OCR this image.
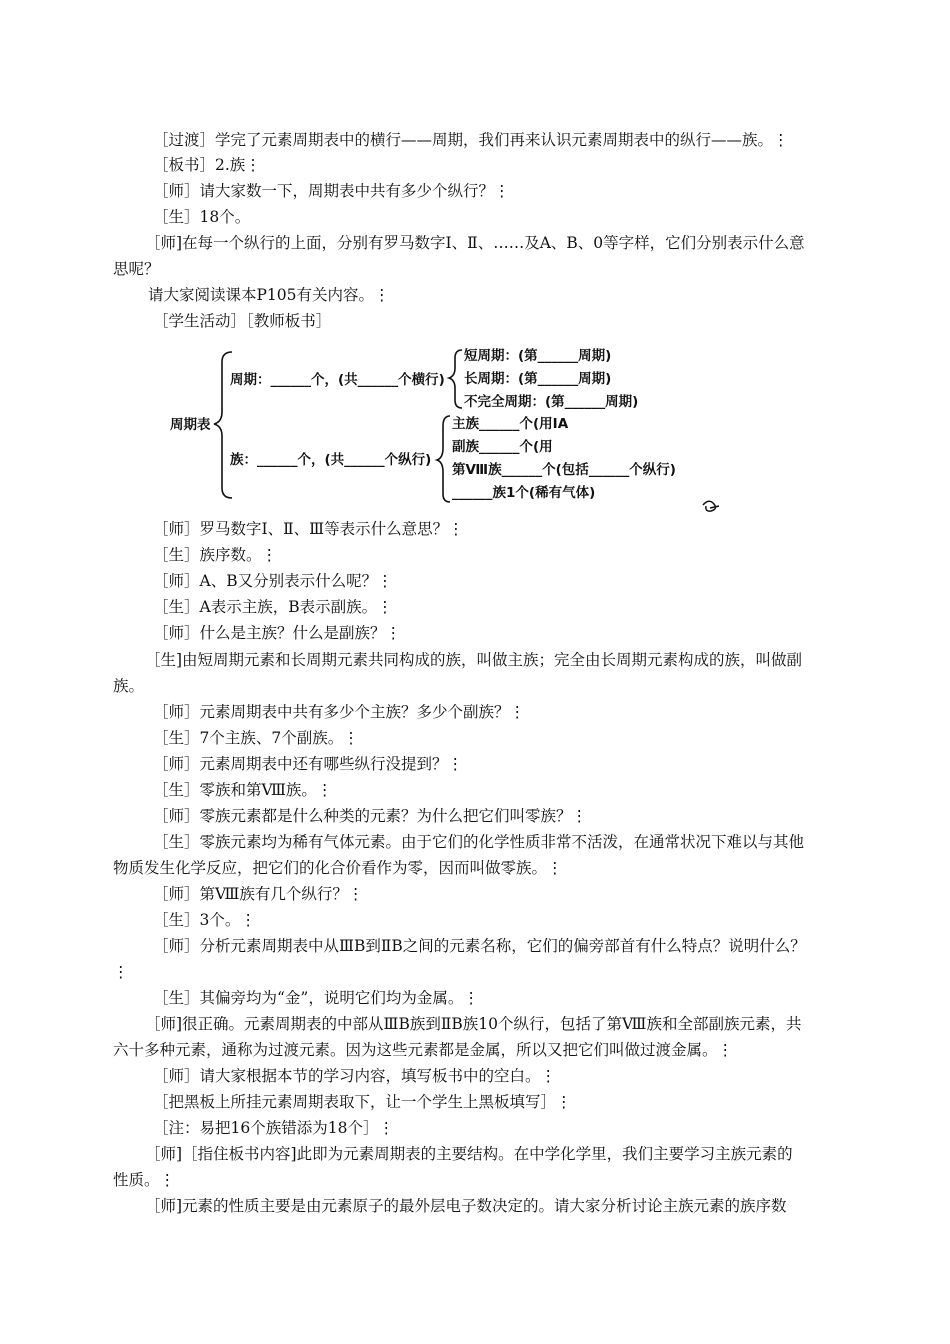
［过渡］学完了元素周期表中的横行——周期，我们再来认识元素周期表中的纵行——族。⋮
［板书］2.族⋮
［师］请大家数一下，周期表中共有多少个纵行？⋮
［生］18个。
［师]在每一个纵行的上面，分别有罗马数字Ⅰ、Ⅱ、……及A、B、0等字样，它们分别表示什么意
思呢？
请大家阅读课本P105有关内容。⋮
［学生活动］［教师板书］
［师］罗马数字Ⅰ、Ⅱ、Ⅲ等表示什么意思？⋮
［生］族序数。⋮
［师］A、B又分别表示什么呢？⋮
［生］A表示主族，B表示副族。⋮
［师］什么是主族？什么是副族？⋮
［生]由短周期元素和长周期元素共同构成的族，叫做主族；完全由长周期元素构成的族，叫做副
族。
［师］元素周期表中共有多少个主族？多少个副族？⋮
［生］7个主族、7个副族。⋮
［师］元素周期表中还有哪些纵行没提到？⋮
［生］零族和第Ⅷ族。⋮
［师］零族元素都是什么种类的元素？为什么把它们叫零族？⋮
［生］零族元素均为稀有气体元素。由于它们的化学性质非常不活泼，在通常状况下难以与其他
物质发生化学反应，把它们的化合价看作为零，因而叫做零族。⋮
［师］第Ⅷ族有几个纵行？⋮
［生］3个。⋮
［师］分析元素周期表中从ⅢB到ⅡB之间的元素名称，它们的偏旁部首有什么特点？说明什么？
⋮
［生］其偏旁均为“金”，说明它们均为金属。⋮
［师]很正确。元素周期表的中部从ⅢB族到ⅡB族10个纵行，包括了第Ⅷ族和全部副族元素，共
六十多种元素，通称为过渡元素。因为这些元素都是金属，所以又把它们叫做过渡金属。⋮
［师］请大家根据本节的学习内容，填写板书中的空白。⋮
［把黑板上所挂元素周期表取下，让一个学生上黑板填写］⋮
［注：易把16个族错添为18个］⋮
［师]［指住板书内容]此即为元素周期表的主要结构。在中学化学里，我们主要学习主族元素的
性质。⋮
［师]元素的性质主要是由元素原子的最外层电子数决定的。请大家分析讨论主族元素的族序数
周期表
周期：______个，(共______个横行)
族：______个，(共______个纵行)
短周期：(第______周期)
长周期：(第______周期)
不完全周期：(第______周期)
主族______个(用ⅠA
副族______个(用
第Ⅷ族______个(包括______个纵行)
______族1个(稀有气体)
